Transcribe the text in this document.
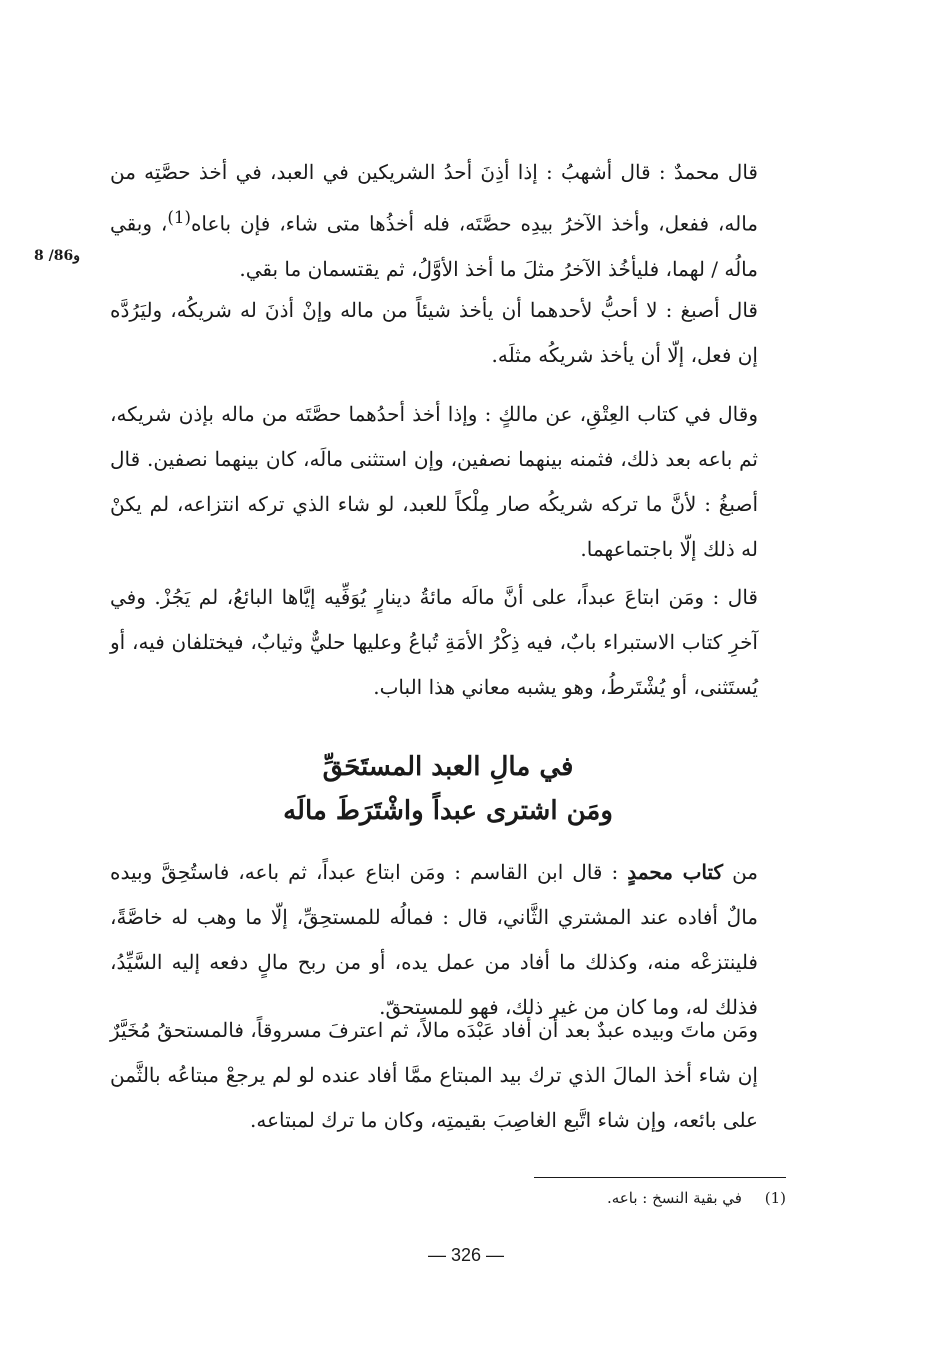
8 /86و

قال محمدٌ : قال أشهبُ : إذا أذِنَ أحدُ الشريكين في العبد، في أخذ حصَّتِه من ماله، ففعل، وأخذ الآخرُ بيدِه حصَّتَه، فله أخذُها متى شاء، فإن باعاه$^{(1)}$، وبقي مالُه / لهما، فليأخُذ الآخرُ مثلَ ما أخذ الأوَّلُ، ثم يقتسمان ما بقي.

قال أصبغ : لا أحبُّ لأحدهما أن يأخذ شيئاً من ماله وإنْ أذنَ له شريكُه، وليَرُدَّه إن فعل، إلّا أن يأخذ شريكُه مثلَه.

وقال في كتاب العِتْقِ، عن مالكٍ : وإذا أخذ أحدُهما حصَّتَه من ماله بإذن شريكه، ثم باعه بعد ذلك، فثمنه بينهما نصفين، وإن استثنى مالَه، كان بينهما نصفين. قال أصبغُ : لأنَّ ما تركه شريكُه صار مِلْكاً للعبد، لو شاء الذي تركه انتزاعه، لم يكنْ له ذلك إلّا باجتماعهما.

قال : ومَن ابتاعَ عبداً، على أنَّ مالَه مائةُ دينارٍ يُوَفِّيه إيَّاها البائعُ، لم يَجُزْ. وفي آخرِ كتاب الاستبراء بابٌ، فيه ذِكْرُ الأمَةِ تُباعُ وعليها حليٌّ وثيابٌ، فيختلفان فيه، أو يُستَثنى، أو يُشْتَرطُ، وهو يشبه معاني هذا الباب.

في مالِ العبد المستَحَقِّ
ومَن اشترى عبداً واشْتَرَطَ مالَه

من كتاب محمدٍ : قال ابن القاسم : ومَن ابتاع عبداً، ثم باعه، فاستُحِقَّ وبيده مالٌ أفاده عند المشتري الثَّاني، قال : فمالُه للمستحِقِّ، إلّا ما وهب له خاصَّةً، فلينتزعْه منه، وكذلك ما أفاد من عمل يده، أو من ربح مالٍ دفعه إليه السَّيِّدُ، فذلك له، وما كان من غير ذلك، فهو للمستحقّ.

ومَن ماتَ وبيده عبدٌ بعد أن أفاد عَبْدَه مالاً، ثم اعترفَ مسروقاً، فالمستحقُ مُخَيَّرٌ إن شاء أخذ المالَ الذي ترك بيد المبتاع ممَّا أفاد عنده لو لم يرجعْ مبتاعُه بالثَّمن على بائعه، وإن شاء اتَّبع الغاصِبَ بقيمتِه، وكان ما ترك لمبتاعه.

(1) في بقية النسخ : باعه.
— 326 —
